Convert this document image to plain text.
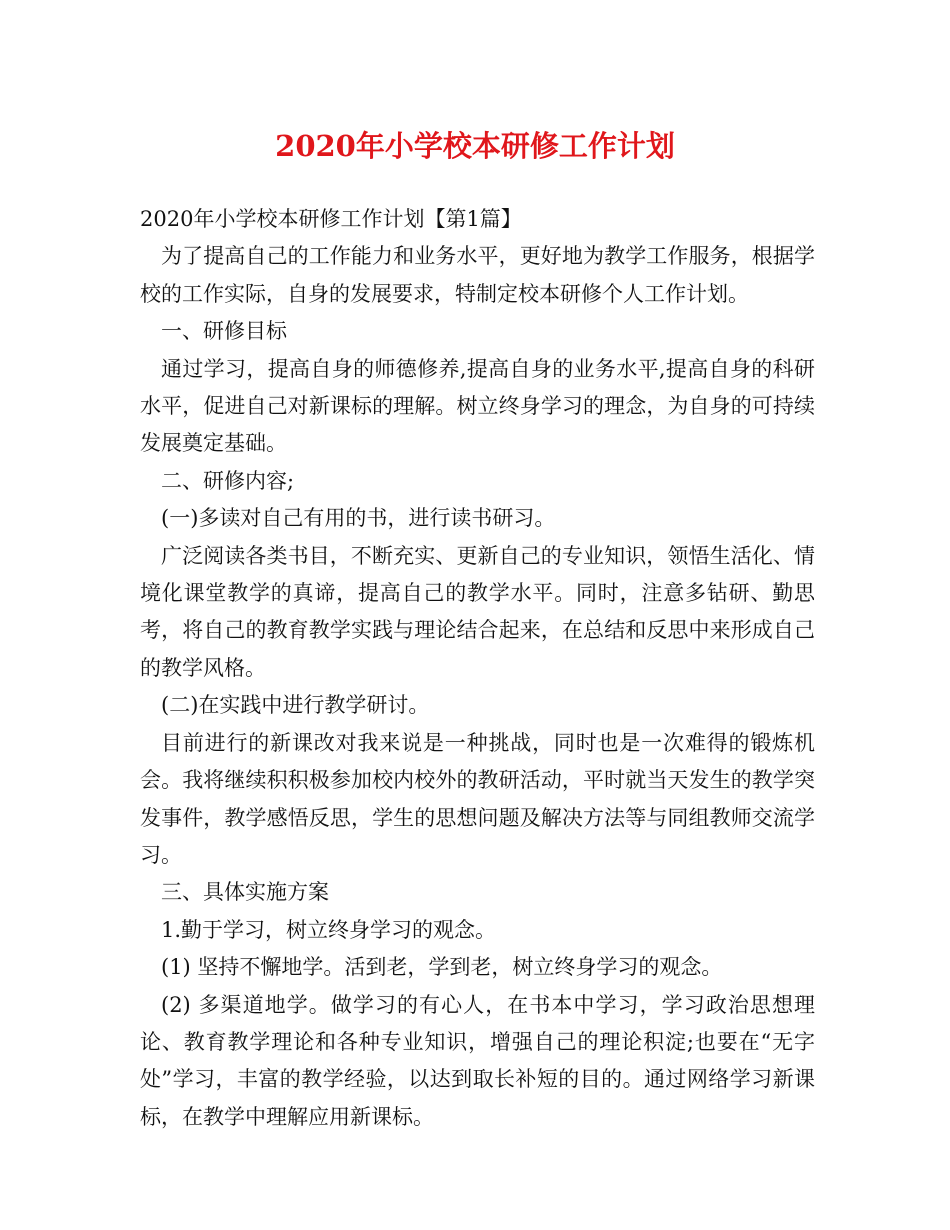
2020年小学校本研修工作计划

2020年小学校本研修工作计划【第1篇】

为了提高自己的工作能力和业务水平，更好地为教学工作服务，根据学校的工作实际，自身的发展要求，特制定校本研修个人工作计划。

一、研修目标

通过学习，提高自身的师德修养,提高自身的业务水平,提高自身的科研水平，促进自己对新课标的理解。树立终身学习的理念，为自身的可持续发展奠定基础。

二、研修内容;

(一)多读对自己有用的书，进行读书研习。

广泛阅读各类书目，不断充实、更新自己的专业知识，领悟生活化、情境化课堂教学的真谛，提高自己的教学水平。同时，注意多钻研、勤思考，将自己的教育教学实践与理论结合起来，在总结和反思中来形成自己的教学风格。

(二)在实践中进行教学研讨。

目前进行的新课改对我来说是一种挑战，同时也是一次难得的锻炼机会。我将继续积积极参加校内校外的教研活动，平时就当天发生的教学突发事件，教学感悟反思，学生的思想问题及解决方法等与同组教师交流学习。

三、具体实施方案

1.勤于学习，树立终身学习的观念。

(1) 坚持不懈地学。活到老，学到老，树立终身学习的观念。

(2) 多渠道地学。做学习的有心人，在书本中学习，学习政治思想理论、教育教学理论和各种专业知识，增强自己的理论积淀;也要在“无字处”学习，丰富的教学经验，以达到取长补短的目的。通过网络学习新课标，在教学中理解应用新课标。
